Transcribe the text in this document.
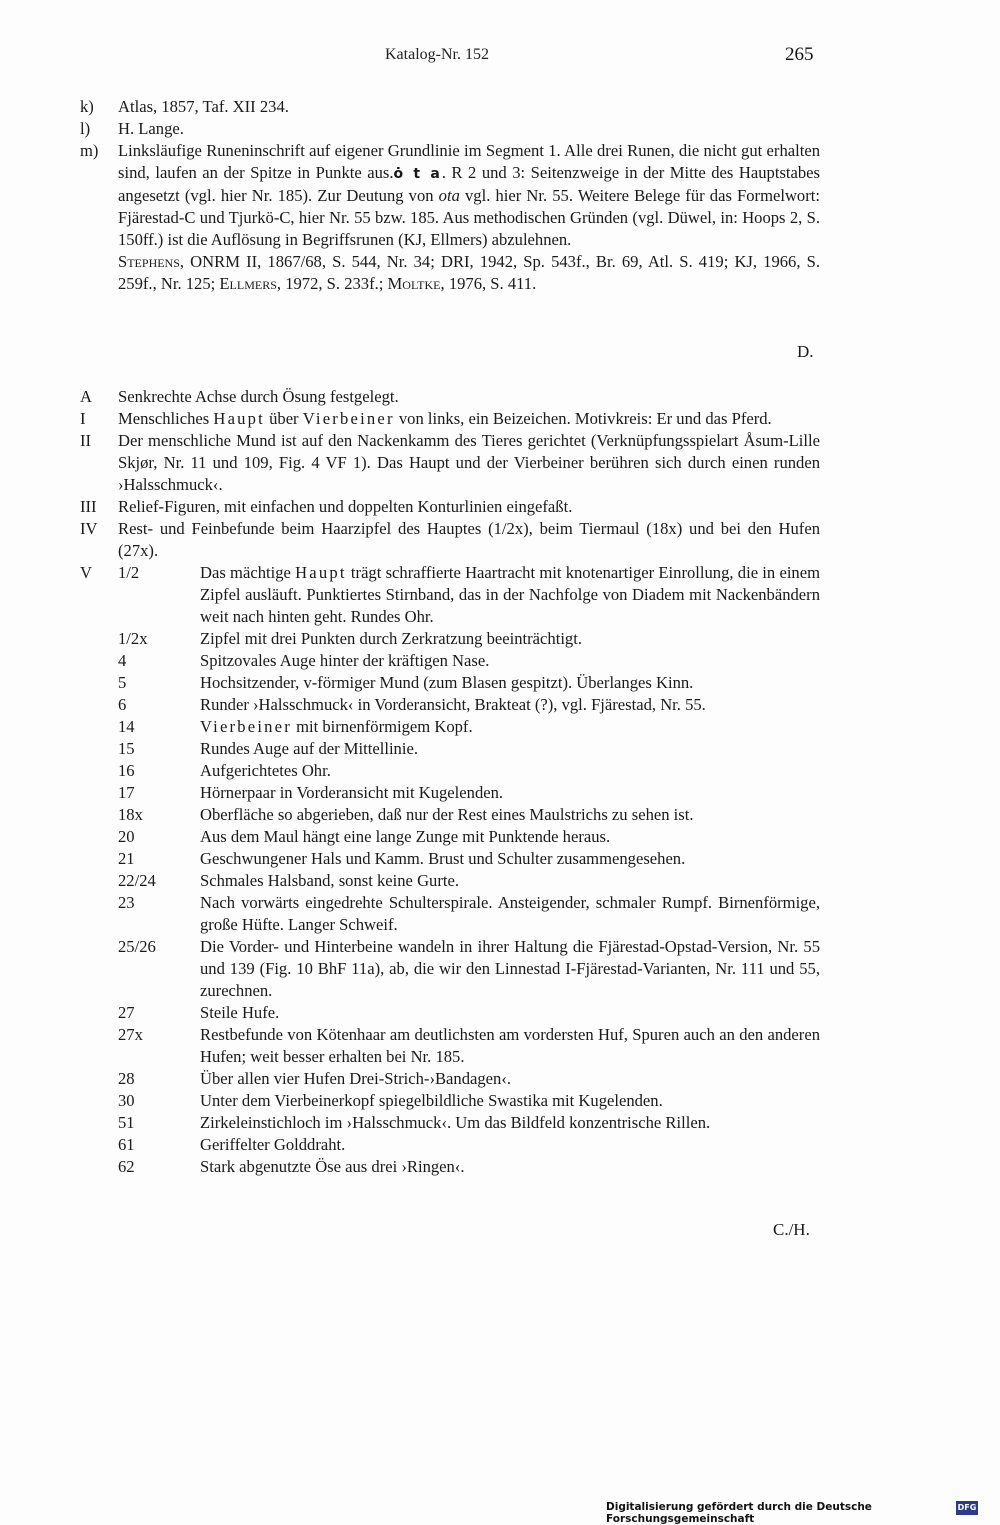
Katalog-Nr. 152	265
k)	Atlas, 1857, Taf. XII 234.
l)	H. Lange.
m)	Linksläufige Runeninschrift auf eigener Grundlinie im Segment 1. Alle drei Runen, die nicht gut erhalten sind, laufen an der Spitze in Punkte aus.ȯ t a. R 2 und 3: Seitenzweige in der Mitte des Hauptstabes angesetzt (vgl. hier Nr. 185). Zur Deutung von ota vgl. hier Nr. 55. Weitere Belege für das Formelwort: Fjärestad-C und Tjurkö-C, hier Nr. 55 bzw. 185. Aus methodischen Gründen (vgl. Düwel, in: Hoops 2, S. 150ff.) ist die Auflösung in Begriffsrunen (KJ, Ellmers) abzulehnen.
Stephens, ONRM II, 1867/68, S. 544, Nr. 34; DRI, 1942, Sp. 543f., Br. 69, Atl. S. 419; KJ, 1966, S. 259f., Nr. 125; Ellmers, 1972, S. 233f.; Moltke, 1976, S. 411.
D.
A	Senkrechte Achse durch Ösung festgelegt.
I	Menschliches Haupt über Vierbeiner von links, ein Beizeichen. Motivkreis: Er und das Pferd.
II	Der menschliche Mund ist auf den Nackenkamm des Tieres gerichtet (Verknüpfungsspielart Åsum-Lille Skjør, Nr. 11 und 109, Fig. 4 VF 1). Das Haupt und der Vierbeiner berühren sich durch einen runden ›Halsschmuck‹.
III	Relief-Figuren, mit einfachen und doppelten Konturlinien eingefaßt.
IV	Rest- und Feinbefunde beim Haarzipfel des Hauptes (1/2x), beim Tiermaul (18x) und bei den Hufen (27x).
V	1/2	Das mächtige Haupt trägt schraffierte Haartracht mit knotenartiger Einrollung, die in einem Zipfel ausläuft. Punktiertes Stirnband, das in der Nachfolge von Diadem mit Nackenbändern weit nach hinten geht. Rundes Ohr.
1/2x	Zipfel mit drei Punkten durch Zerkratzung beeinträchtigt.
4	Spitzovales Auge hinter der kräftigen Nase.
5	Hochsitzender, v-förmiger Mund (zum Blasen gespitzt). Überlanges Kinn.
6	Runder ›Halsschmuck‹ in Vorderansicht, Brakteat (?), vgl. Fjärestad, Nr. 55.
14	Vierbeiner mit birnenförmigem Kopf.
15	Rundes Auge auf der Mittellinie.
16	Aufgerichtetes Ohr.
17	Hörnerpaar in Vorderansicht mit Kugelenden.
18x	Oberfläche so abgerieben, daß nur der Rest eines Maulstrichs zu sehen ist.
20	Aus dem Maul hängt eine lange Zunge mit Punktende heraus.
21	Geschwungener Hals und Kamm. Brust und Schulter zusammengesehen.
22/24	Schmales Halsband, sonst keine Gurte.
23	Nach vorwärts eingedrehte Schulterspirale. Ansteigender, schmaler Rumpf. Birnenförmige, große Hüfte. Langer Schweif.
25/26	Die Vorder- und Hinterbeine wandeln in ihrer Haltung die Fjärestad-Opstad-Version, Nr. 55 und 139 (Fig. 10 BhF 11a), ab, die wir den Linnestad I-Fjärestad-Varianten, Nr. 111 und 55, zurechnen.
27	Steile Hufe.
27x	Restbefunde von Kötenhaar am deutlichsten am vordersten Huf, Spuren auch an den anderen Hufen; weit besser erhalten bei Nr. 185.
28	Über allen vier Hufen Drei-Strich-›Bandagen‹.
30	Unter dem Vierbeinerkopf spiegelbildliche Swastika mit Kugelenden.
51	Zirkeleinstichloch im ›Halsschmuck‹. Um das Bildfeld konzentrische Rillen.
61	Geriffelter Golddraht.
62	Stark abgenutzte Öse aus drei ›Ringen‹.
C./H.
Digitalisierung gefördert durch die Deutsche Forschungsgemeinschaft
DFG
